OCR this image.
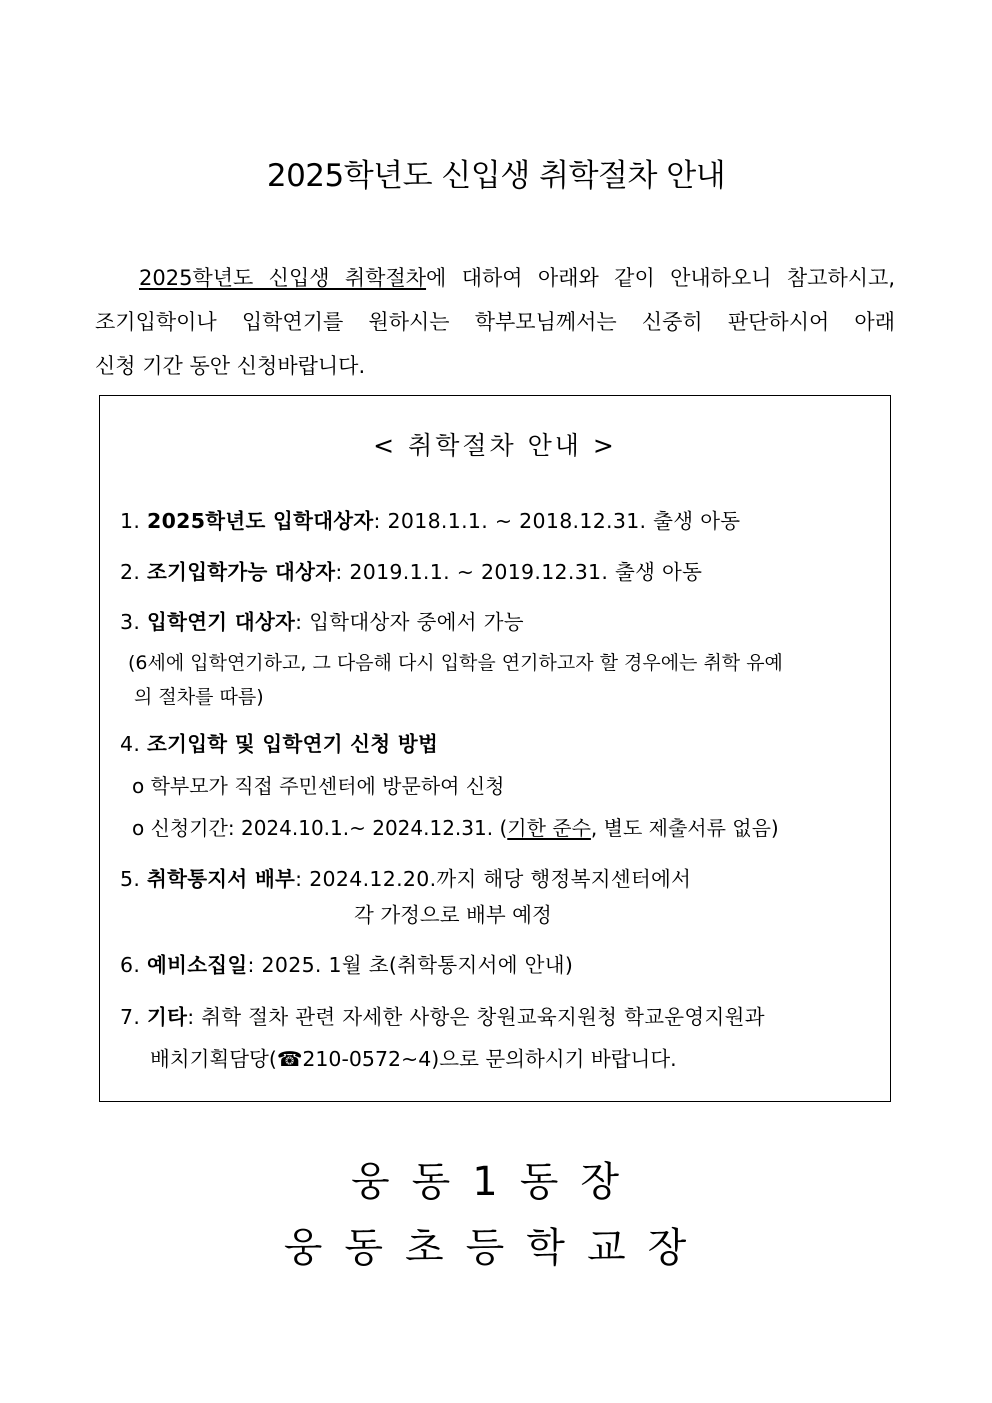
2025학년도 신입생 취학절차 안내
2025학년도 신입생 취학절차에 대하여 아래와 같이 안내하오니 참고하시고,
조기입학이나 입학연기를 원하시는 학부모님께서는 신중히 판단하시어 아래
신청 기간 동안 신청바랍니다.
< 취학절차 안내 >
1. 2025학년도 입학대상자: 2018.1.1. ~ 2018.12.31. 출생 아동
2. 조기입학가능 대상자: 2019.1.1. ~ 2019.12.31. 출생 아동
3. 입학연기 대상자: 입학대상자 중에서 가능
(6세에 입학연기하고, 그 다음해 다시 입학을 연기하고자 할 경우에는 취학 유예
의 절차를 따름)
4. 조기입학 및 입학연기 신청 방법
o 학부모가 직접 주민센터에 방문하여 신청
o 신청기간: 2024.10.1.~ 2024.12.31. (기한 준수, 별도 제출서류 없음)
5. 취학통지서 배부: 2024.12.20.까지 해당 행정복지센터에서
각 가정으로 배부 예정
6. 예비소집일: 2025. 1월 초(취학통지서에 안내)
7. 기타: 취학 절차 관련 자세한 사항은 창원교육지원청 학교운영지원과
배치기획담당(☎210-0572~4)으로 문의하시기 바랍니다.
웅동1동장
웅동초등학교장
